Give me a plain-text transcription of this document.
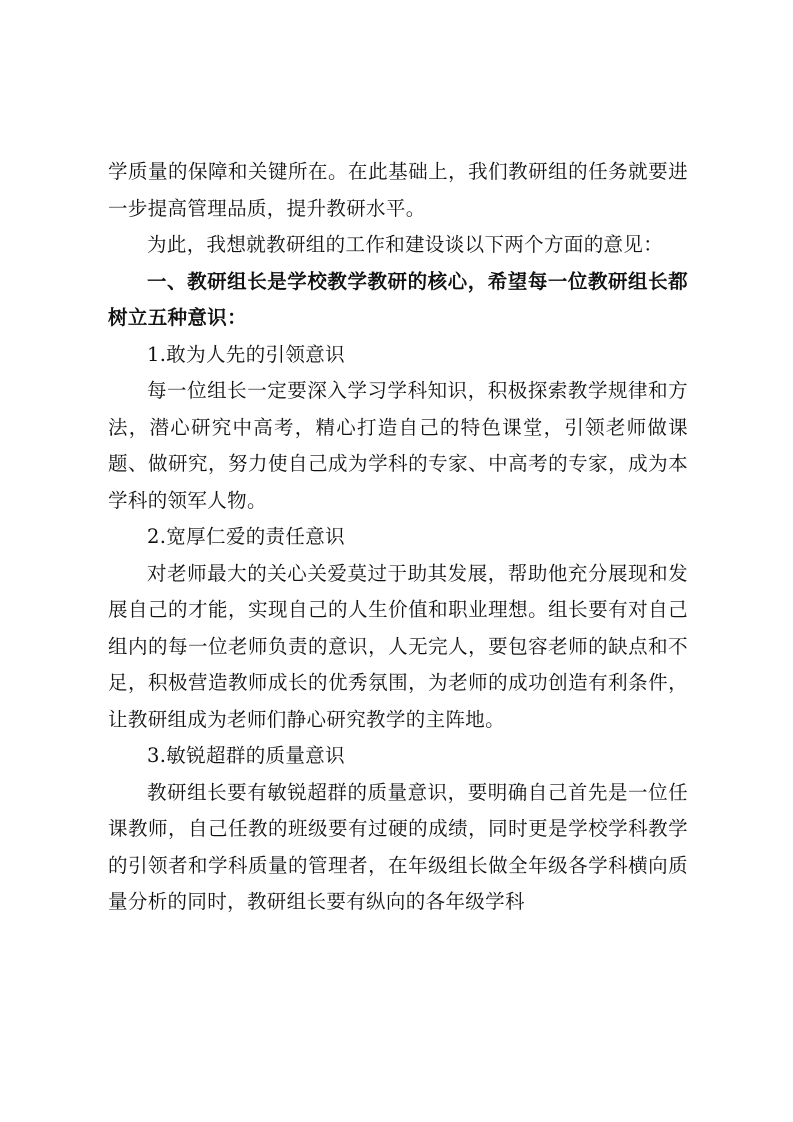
学质量的保障和关键所在。在此基础上，我们教研组的任务就要进一步提高管理品质，提升教研水平。

为此，我想就教研组的工作和建设谈以下两个方面的意见：

一、教研组长是学校教学教研的核心，希望每一位教研组长都树立五种意识：

1.敢为人先的引领意识

每一位组长一定要深入学习学科知识，积极探索教学规律和方法，潜心研究中高考，精心打造自己的特色课堂，引领老师做课题、做研究，努力使自己成为学科的专家、中高考的专家，成为本学科的领军人物。

2.宽厚仁爱的责任意识

对老师最大的关心关爱莫过于助其发展，帮助他充分展现和发展自己的才能，实现自己的人生价值和职业理想。组长要有对自己组内的每一位老师负责的意识，人无完人，要包容老师的缺点和不足，积极营造教师成长的优秀氛围，为老师的成功创造有利条件，让教研组成为老师们静心研究教学的主阵地。

3.敏锐超群的质量意识

教研组长要有敏锐超群的质量意识，要明确自己首先是一位任课教师，自己任教的班级要有过硬的成绩，同时更是学校学科教学的引领者和学科质量的管理者，在年级组长做全年级各学科横向质量分析的同时，教研组长要有纵向的各年级学科
